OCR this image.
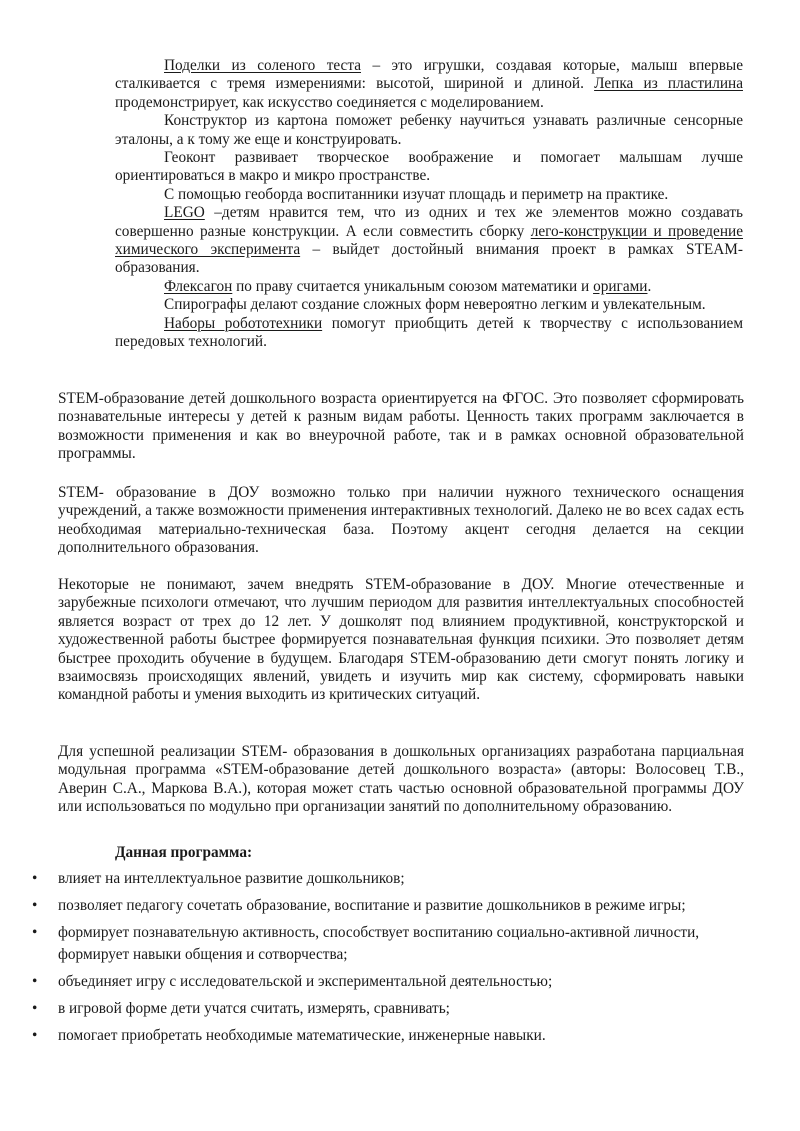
Поделки из соленого теста – это игрушки, создавая которые, малыш впервые сталкивается с тремя измерениями: высотой, шириной и длиной. Лепка из пластилина продемонстрирует, как искусство соединяется с моделированием.

Конструктор из картона поможет ребенку научиться узнавать различные сенсорные эталоны, а к тому же еще и конструировать.

Геоконт развивает творческое воображение и помогает малышам лучше ориентироваться в макро и микро пространстве.

С помощью геоборда воспитанники изучат площадь и периметр на практике.

LEGO –детям нравится тем, что из одних и тех же элементов можно создавать совершенно разные конструкции. А если совместить сборку лего-конструкции и проведение химического эксперимента – выйдет достойный внимания проект в рамках STEAM-образования.

Флексагон по праву считается уникальным союзом математики и оригами.

Спирографы делают создание сложных форм невероятно легким и увлекательным.

Наборы робототехники помогут приобщить детей к творчеству с использованием передовых технологий.

STEM-образование детей дошкольного возраста ориентируется на ФГОС. Это позволяет сформировать познавательные интересы у детей к разным видам работы. Ценность таких программ заключается в возможности применения и как во внеурочной работе, так и в рамках основной образовательной программы.

STEM- образование в ДОУ возможно только при наличии нужного технического оснащения учреждений, а также возможности применения интерактивных технологий. Далеко не во всех садах есть необходимая материально-техническая база. Поэтому акцент сегодня делается на секции дополнительного образования.

Некоторые не понимают, зачем внедрять STEM-образование в ДОУ. Многие отечественные и зарубежные психологи отмечают, что лучшим периодом для развития интеллектуальных способностей является возраст от трех до 12 лет. У дошколят под влиянием продуктивной, конструкторской и художественной работы быстрее формируется познавательная функция психики. Это позволяет детям быстрее проходить обучение в будущем. Благодаря STEM-образованию дети смогут понять логику и взаимосвязь происходящих явлений, увидеть и изучить мир как систему, сформировать навыки командной работы и умения выходить из критических ситуаций.

Для успешной реализации STEM- образования в дошкольных организациях разработана парциальная модульная программа «STEM-образование детей дошкольного возраста» (авторы: Волосовец Т.В., Аверин С.А., Маркова В.А.), которая может стать частью основной образовательной программы ДОУ или использоваться по модульно при организации занятий по дополнительному образованию.

Данная программа:
• влияет на интеллектуальное развитие дошкольников;
• позволяет педагогу сочетать образование, воспитание и развитие дошкольников в режиме игры;
• формирует познавательную активность, способствует воспитанию социально-активной личности, формирует навыки общения и сотворчества;
• объединяет игру с исследовательской и экспериментальной деятельностью;
• в игровой форме дети учатся считать, измерять, сравнивать;
• помогает приобретать необходимые математические, инженерные навыки.
